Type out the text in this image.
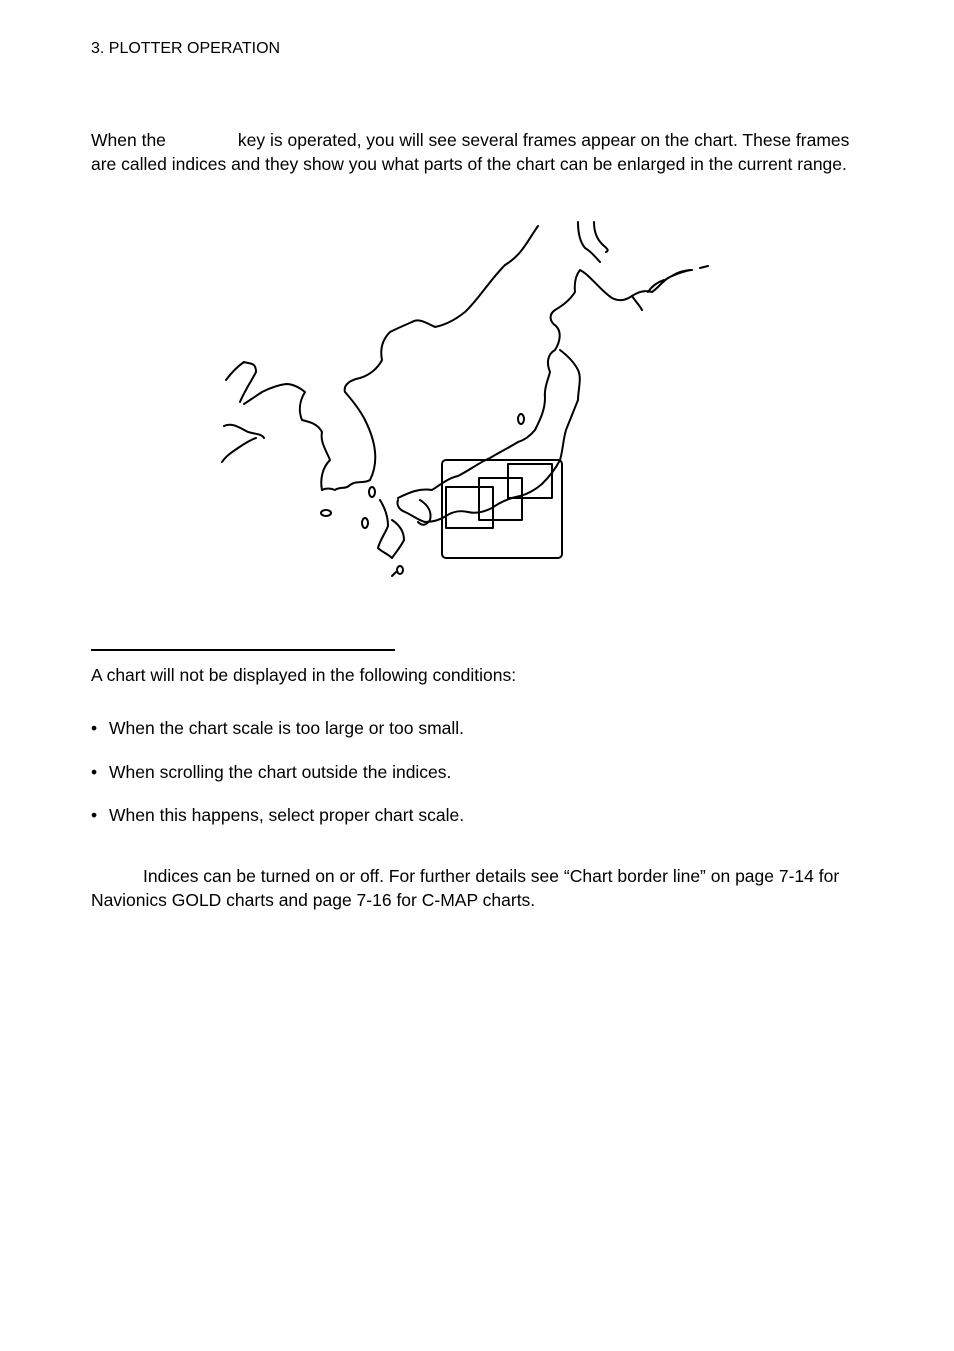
3. PLOTTER OPERATION
When the	key is operated, you will see several frames appear on the chart. These frames are called indices and they show you what parts of the chart can be enlarged in the current range.
A chart will not be displayed in the following conditions:
• When the chart scale is too large or too small.
• When scrolling the chart outside the indices.
• When this happens, select proper chart scale.
Indices can be turned on or off. For further details see “Chart border line” on page 7-14 for Navionics GOLD charts and page 7-16 for C-MAP charts.
